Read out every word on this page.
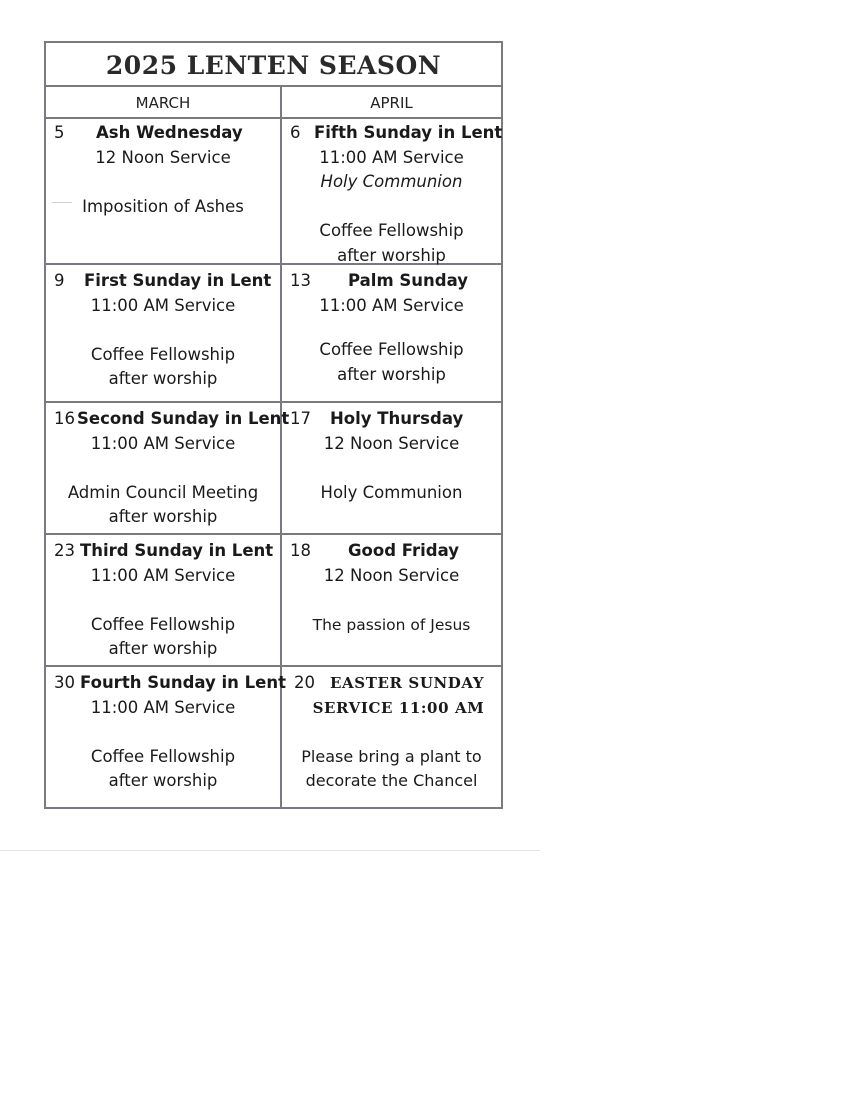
2025 LENTEN SEASON
MARCH	APRIL
5 Ash Wednesday
12 Noon Service
Imposition of Ashes
6 Fifth Sunday in Lent
11:00 AM Service
Holy Communion
Coffee Fellowship
after worship
9 First Sunday in Lent
11:00 AM Service
Coffee Fellowship
after worship
13 Palm Sunday
11:00 AM Service
Coffee Fellowship
after worship
16 Second Sunday in Lent
11:00 AM Service
Admin Council Meeting
after worship
17 Holy Thursday
12 Noon Service
Holy Communion
23 Third Sunday in Lent
11:00 AM Service
Coffee Fellowship
after worship
18 Good Friday
12 Noon Service
The passion of Jesus
30 Fourth Sunday in Lent
11:00 AM Service
Coffee Fellowship
after worship
20 EASTER SUNDAY
SERVICE 11:00 AM
Please bring a plant to
decorate the Chancel
